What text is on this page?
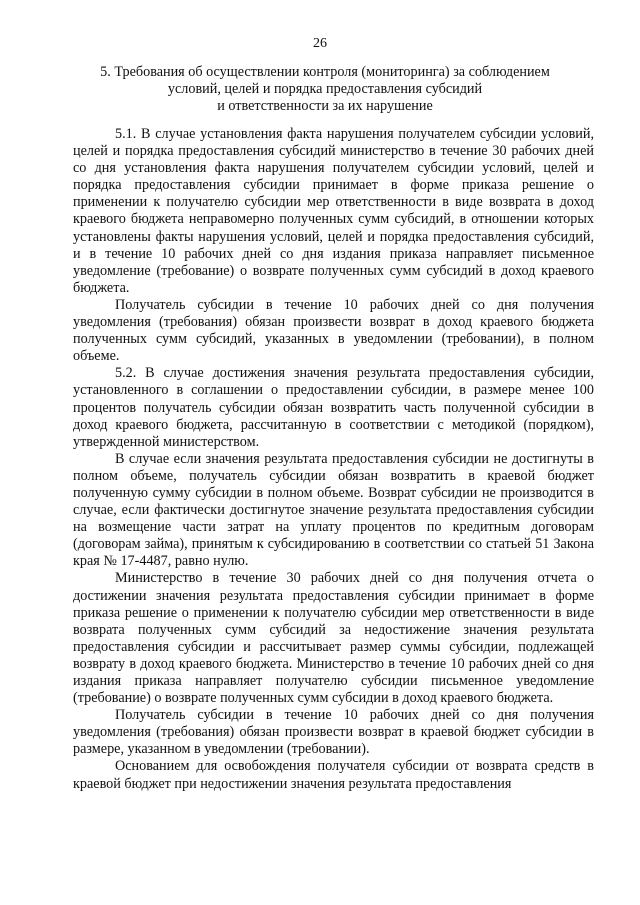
26
5. Требования об осуществлении контроля (мониторинга) за соблюдением
условий, целей и порядка предоставления субсидий
и ответственности за их нарушение

5.1. В случае установления факта нарушения получателем субсидии условий, целей и порядка предоставления субсидий министерство в течение 30 рабочих дней со дня установления факта нарушения получателем субсидии условий, целей и порядка предоставления субсидии принимает в форме приказа решение о применении к получателю субсидии мер ответственности в виде возврата в доход краевого бюджета неправомерно полученных сумм субсидий, в отношении которых установлены факты нарушения условий, целей и порядка предоставления субсидий, и в течение 10 рабочих дней со дня издания приказа направляет письменное уведомление (требование) о возврате полученных сумм субсидий в доход краевого бюджета.

Получатель субсидии в течение 10 рабочих дней со дня получения уведомления (требования) обязан произвести возврат в доход краевого бюджета полученных сумм субсидий, указанных в уведомлении (требовании), в полном объеме.

5.2. В случае достижения значения результата предоставления субсидии, установленного в соглашении о предоставлении субсидии, в размере менее 100 процентов получатель субсидии обязан возвратить часть полученной субсидии в доход краевого бюджета, рассчитанную в соответствии с методикой (порядком), утвержденной министерством.

В случае если значения результата предоставления субсидии не достигнуты в полном объеме, получатель субсидии обязан возвратить в краевой бюджет полученную сумму субсидии в полном объеме. Возврат субсидии не производится в случае, если фактически достигнутое значение результата предоставления субсидии на возмещение части затрат на уплату процентов по кредитным договорам (договорам займа), принятым к субсидированию в соответствии со статьей 51 Закона края № 17-4487, равно нулю.

Министерство в течение 30 рабочих дней со дня получения отчета о достижении значения результата предоставления субсидии принимает в форме приказа решение о применении к получателю субсидии мер ответственности в виде возврата полученных сумм субсидий за недостижение значения результата предоставления субсидии и рассчитывает размер суммы субсидии, подлежащей возврату в доход краевого бюджета. Министерство в течение 10 рабочих дней со дня издания приказа направляет получателю субсидии письменное уведомление (требование) о возврате полученных сумм субсидии в доход краевого бюджета.

Получатель субсидии в течение 10 рабочих дней со дня получения уведомления (требования) обязан произвести возврат в краевой бюджет субсидии в размере, указанном в уведомлении (требовании).

Основанием для освобождения получателя субсидии от возврата средств в краевой бюджет при недостижении значения результата предоставления
